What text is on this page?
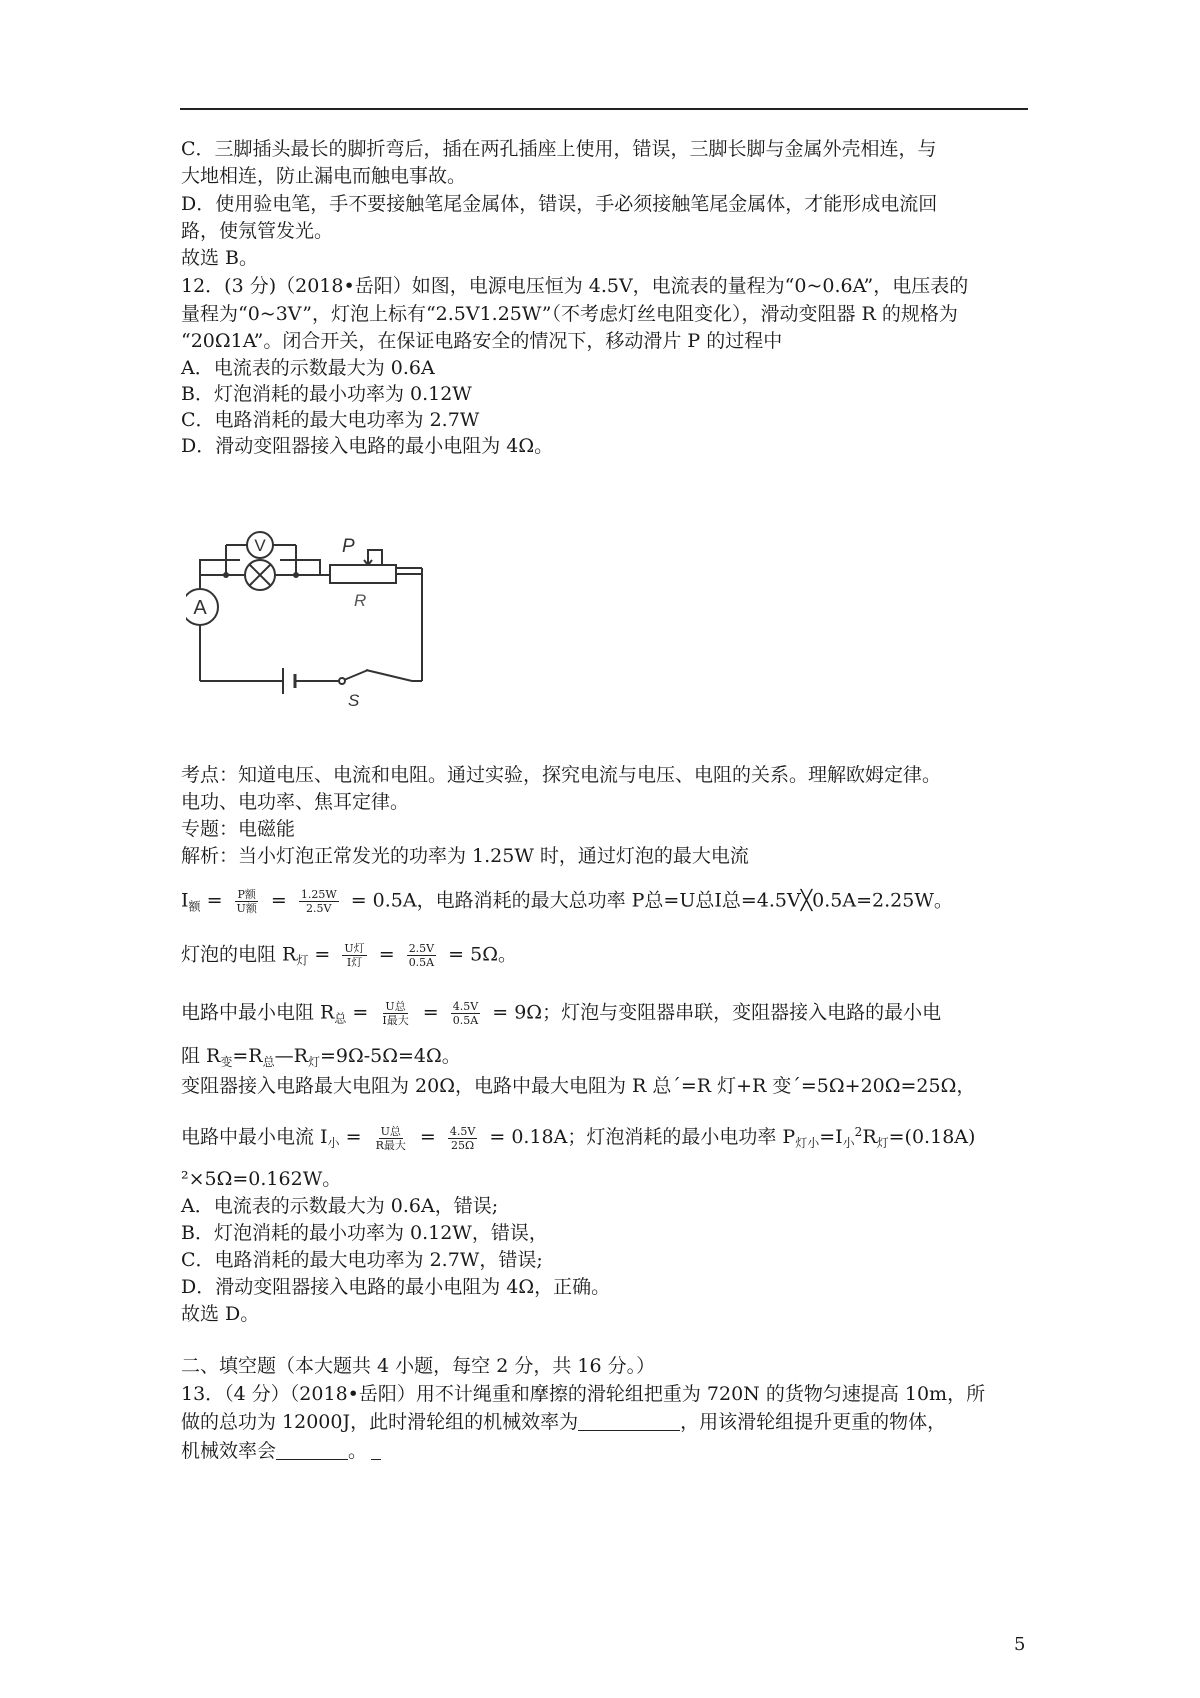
C．三脚插头最长的脚折弯后，插在两孔插座上使用，错误，三脚长脚与金属外壳相连，与
大地相连，防止漏电而触电事故。
D．使用验电笔，手不要接触笔尾金属体，错误，手必须接触笔尾金属体，才能形成电流回
路，使氖管发光。
故选 B。
12．(3 分)（2018•岳阳）如图，电源电压恒为 4.5V，电流表的量程为“0~0.6A”，电压表的
量程为“0~3V”，灯泡上标有“2.5V1.25W”（不考虑灯丝电阻变化），滑动变阻器 R 的规格为
“20Ω1A”。闭合开关，在保证电路安全的情况下，移动滑片 P 的过程中
A．电流表的示数最大为 0.6A
B．灯泡消耗的最小功率为 0.12W
C．电路消耗的最大电功率为 2.7W
D．滑动变阻器接入电路的最小电阻为 4Ω。
V	P
R
A
S
考点：知道电压、电流和电阻。通过实验，探究电流与电压、电阻的关系。理解欧姆定律。
电功、电功率、焦耳定律。
专题：电磁能
解析：当小灯泡正常发光的功率为 1.25W 时，通过灯泡的最大电流
$I_额 = \frac{\text{P额}}{\text{U额}} = \frac{1.25W}{2.5V} = 0.5A$，电路消耗的最大总功率 P总=U总I总=4.5V╳0.5A=2.25W。
灯泡的电阻 $R_灯 = \frac{\text{U灯}}{\text{I灯}} = \frac{2.5V}{0.5A} = 5\Omega$。
电路中最小电阻 $R_总 = \frac{\text{U总}}{\text{I最大}} = \frac{4.5V}{0.5A} = 9\Omega$；灯泡与变阻器串联，变阻器接入电路的最小电
阻 $R_变=R_总—R_灯=9\Omega-5\Omega=4\Omega$。
变阻器接入电路最大电阻为 20Ω，电路中最大电阻为 R 总´=R 灯+R 变´=5Ω+20Ω=25Ω，
电路中最小电流 $I_小 = \frac{\text{U总}}{\text{R最大}} = \frac{4.5V}{25\Omega} = 0.18A$；灯泡消耗的最小电功率 $P_{灯小}=I_小^2R_灯=(0.18A)$
²×5Ω=0.162W。
A．电流表的示数最大为 0.6A，错误;
B．灯泡消耗的最小功率为 0.12W，错误，
C．电路消耗的最大电功率为 2.7W，错误;
D．滑动变阻器接入电路的最小电阻为 4Ω，正确。
故选 D。
二、填空题（本大题共 4 小题，每空 2 分，共 16 分。）
13．（4 分）（2018•岳阳）用不计绳重和摩擦的滑轮组把重为 720N 的货物匀速提高 10m，所
做的总功为 12000J，此时滑轮组的机械效率为	，用该滑轮组提升更重的物体，
机械效率会	。
5
